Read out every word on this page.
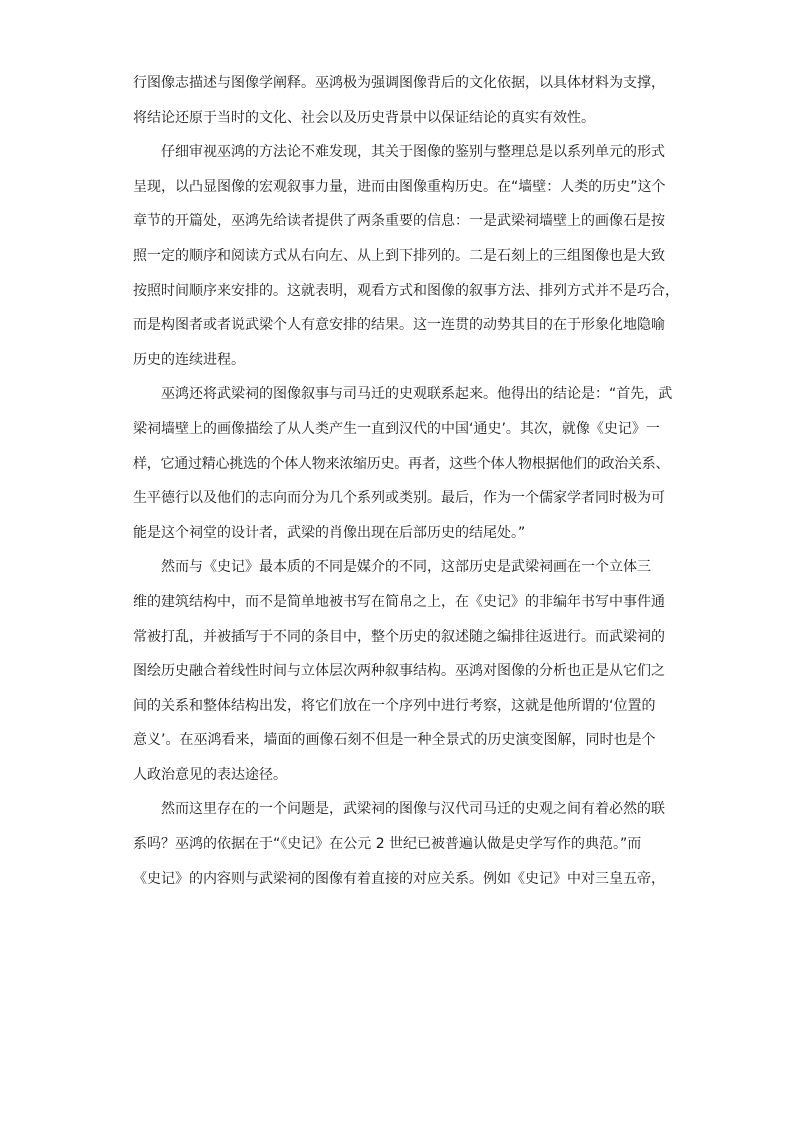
行图像志描述与图像学阐释。巫鸿极为强调图像背后的文化依据，以具体材料为支撑，
将结论还原于当时的文化、社会以及历史背景中以保证结论的真实有效性。
仔细审视巫鸿的方法论不难发现，其关于图像的鉴别与整理总是以系列单元的形式
呈现，以凸显图像的宏观叙事力量，进而由图像重构历史。在“墙壁：人类的历史”这个
章节的开篇处，巫鸿先给读者提供了两条重要的信息：一是武梁祠墙壁上的画像石是按
照一定的顺序和阅读方式从右向左、从上到下排列的。二是石刻上的三组图像也是大致
按照时间顺序来安排的。这就表明，观看方式和图像的叙事方法、排列方式并不是巧合，
而是构图者或者说武梁个人有意安排的结果。这一连贯的动势其目的在于形象化地隐喻
历史的连续进程。
巫鸿还将武梁祠的图像叙事与司马迁的史观联系起来。他得出的结论是：“首先，武
梁祠墙壁上的画像描绘了从人类产生一直到汉代的中国‘通史’。其次，就像《史记》一
样，它通过精心挑选的个体人物来浓缩历史。再者，这些个体人物根据他们的政治关系、
生平德行以及他们的志向而分为几个系列或类别。最后，作为一个儒家学者同时极为可
能是这个祠堂的设计者，武梁的肖像出现在后部历史的结尾处。”
然而与《史记》最本质的不同是媒介的不同，这部历史是武梁祠画在一个立体三
维的建筑结构中，而不是简单地被书写在简帛之上，在《史记》的非编年书写中事件通
常被打乱，并被插写于不同的条目中，整个历史的叙述随之编排往返进行。而武梁祠的
图绘历史融合着线性时间与立体层次两种叙事结构。巫鸿对图像的分析也正是从它们之
间的关系和整体结构出发，将它们放在一个序列中进行考察，这就是他所谓的‘位置的
意义’。在巫鸿看来，墙面的画像石刻不但是一种全景式的历史演变图解，同时也是个
人政治意见的表达途径。
然而这里存在的一个问题是，武梁祠的图像与汉代司马迁的史观之间有着必然的联
系吗？巫鸿的依据在于“《史记》在公元 2 世纪已被普遍认做是史学写作的典范。”而
《史记》的内容则与武梁祠的图像有着直接的对应关系。例如《史记》中对三皇五帝，
